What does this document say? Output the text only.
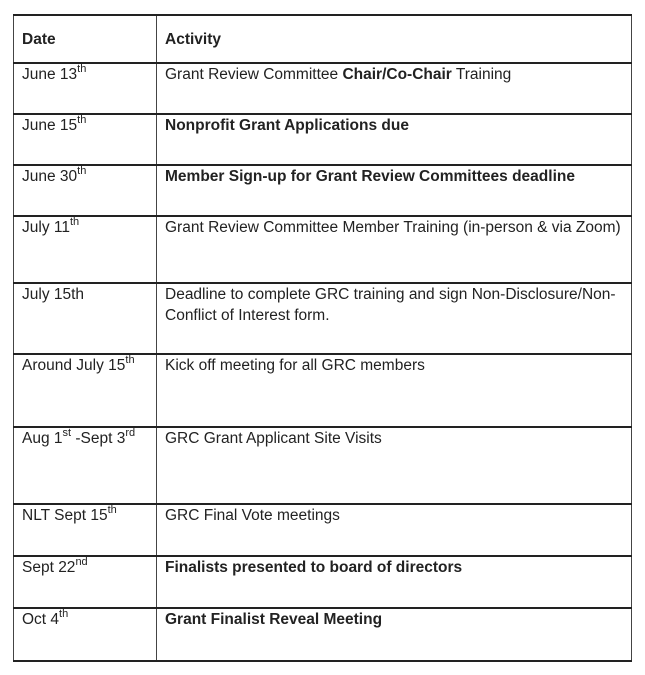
Date	Activity
June 13th	Grant Review Committee Chair/Co-Chair Training
June 15th	Nonprofit Grant Applications due
June 30th	Member Sign-up for Grant Review Committees deadline
July 11th	Grant Review Committee Member Training (in-person & via Zoom)
July 15th	Deadline to complete GRC training and sign Non-Disclosure/Non-Conflict of Interest form.
Around July 15th	Kick off meeting for all GRC members
Aug 1st -Sept 3rd	GRC Grant Applicant Site Visits
NLT Sept 15th	GRC Final Vote meetings
Sept 22nd	Finalists presented to board of directors
Oct 4th	Grant Finalist Reveal Meeting
